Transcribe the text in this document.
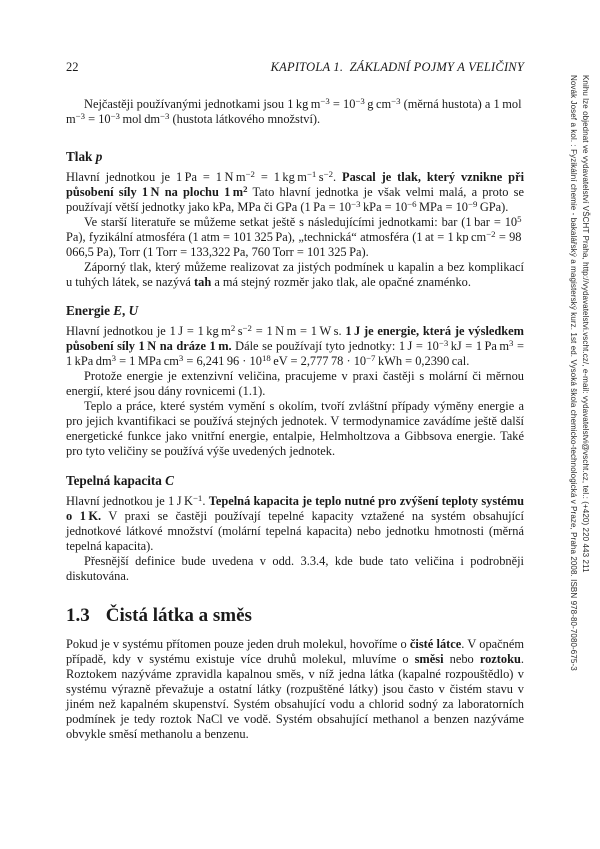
22	KAPITOLA 1. ZÁKLADNÍ POJMY A VELIČINY

Nejčastěji používanými jednotkami jsou 1 kg $m^{-3} = 10^{-3}$ g $cm^{-3}$ (měrná hustota) a 1 mol $m^{-3} = 10^{-3}$ mol $dm^{-3}$ (hustota látkového množství).

Tlak p

Hlavní jednotkou je 1 Pa = 1 N $m^{-2} = 1$ kg $m^{-1}$ $s^{-2}$. Pascal je tlak, který vznikne při působení síly 1 N na plochu 1 $m^2$ Tato hlavní jednotka je však velmi malá, a proto se používají větší jednotky jako kPa, MPa či GPa (1 $Pa = 10^{-3}$ kPa = $10^{-6}$ MPa = $10^{-9}$ GPa).

Ve starší literatuře se můžeme setkat ještě s následujícími jednotkami: bar (1 bar = $10^5$ Pa), fyzikální atmosféra (1 atm = 101 325 Pa), „technická“ atmosféra (1 at = 1 kp $cm^{-2} = 98$ 066,5 Pa), Torr (1 Torr = 133,322 Pa, 760 Torr = 101 325 Pa).

Záporný tlak, který můžeme realizovat za jistých podmínek u kapalin a bez komplikací u tuhých látek, se nazývá tah a má stejný rozměr jako tlak, ale opačné znaménko.

Energie E, U

Hlavní jednotkou je 1 J = 1 kg $m^2$ $s^{-2} = 1$ N m = 1 W s. 1 J je energie, která je výsledkem působení síly 1 N na dráze 1 m. Dále se používají tyto jednotky: 1 $J = 10^{-3}$ kJ = 1 Pa $m^3 = 1$ kPa $dm^3 = 1$ MPa $cm^3 = 6,241$ $96 \cdot 10^{18}$ eV = 2,777 $78 \cdot 10^{-7}$ kWh = 0,2390 cal.

Protože energie je extenzivní veličina, pracujeme v praxi častěji s molární či měrnou energií, které jsou dány rovnicemi (1.1).

Teplo a práce, které systém vymění s okolím, tvoří zvláštní případy výměny energie a pro jejich kvantifikaci se používá stejných jednotek. V termodynamice zavádíme ještě další energetické funkce jako vnitřní energie, entalpie, Helmholtzova a Gibbsova energie. Také pro tyto veličiny se používá výše uvedených jednotek.

Tepelná kapacita C

Hlavní jednotkou je 1 J $K^{-1}$. Tepelná kapacita je teplo nutné pro zvýšení teploty systému o 1 K. V praxi se častěji používají tepelné kapacity vztažené na systém obsahující jednotkové látkové množství (molární tepelná kapacita) nebo jednotku hmotnosti (měrná tepelná kapacita).

Přesnější definice bude uvedena v odd. 3.3.4, kde bude tato veličina i podrobněji diskutována.

1.3 Čistá látka a směs

Pokud je v systému přítomen pouze jeden druh molekul, hovoříme o čisté látce. V opačném případě, kdy v systému existuje více druhů molekul, mluvíme o směsi nebo roztoku. Roztokem nazýváme zpravidla kapalnou směs, v níž jedna látka (kapalné rozpouštědlo) v systému výrazně převažuje a ostatní látky (rozpuštěné látky) jsou často v čistém stavu v jiném než kapalném skupenství. Systém obsahující vodu a chlorid sodný za laboratorních podmínek je tedy roztok NaCl ve vodě. Systém obsahující methanol a benzen nazýváme obvykle směsí methanolu a benzenu.

Novák Josef a kol. : Fyzikální chemie - bakalářský a magisterský kurz. 1st ed. Vysoká škola chemicko-technologická v Praze, Praha 2008. ISBN 978-80-7080-675-3 Knihu lze objednat ve vydavatelství VŠCHT Praha, http://vydavatelstvi.vscht.cz/, e-mail: vydavatelstvi@vscht.cz, tel.: (+420) 220 443 211
